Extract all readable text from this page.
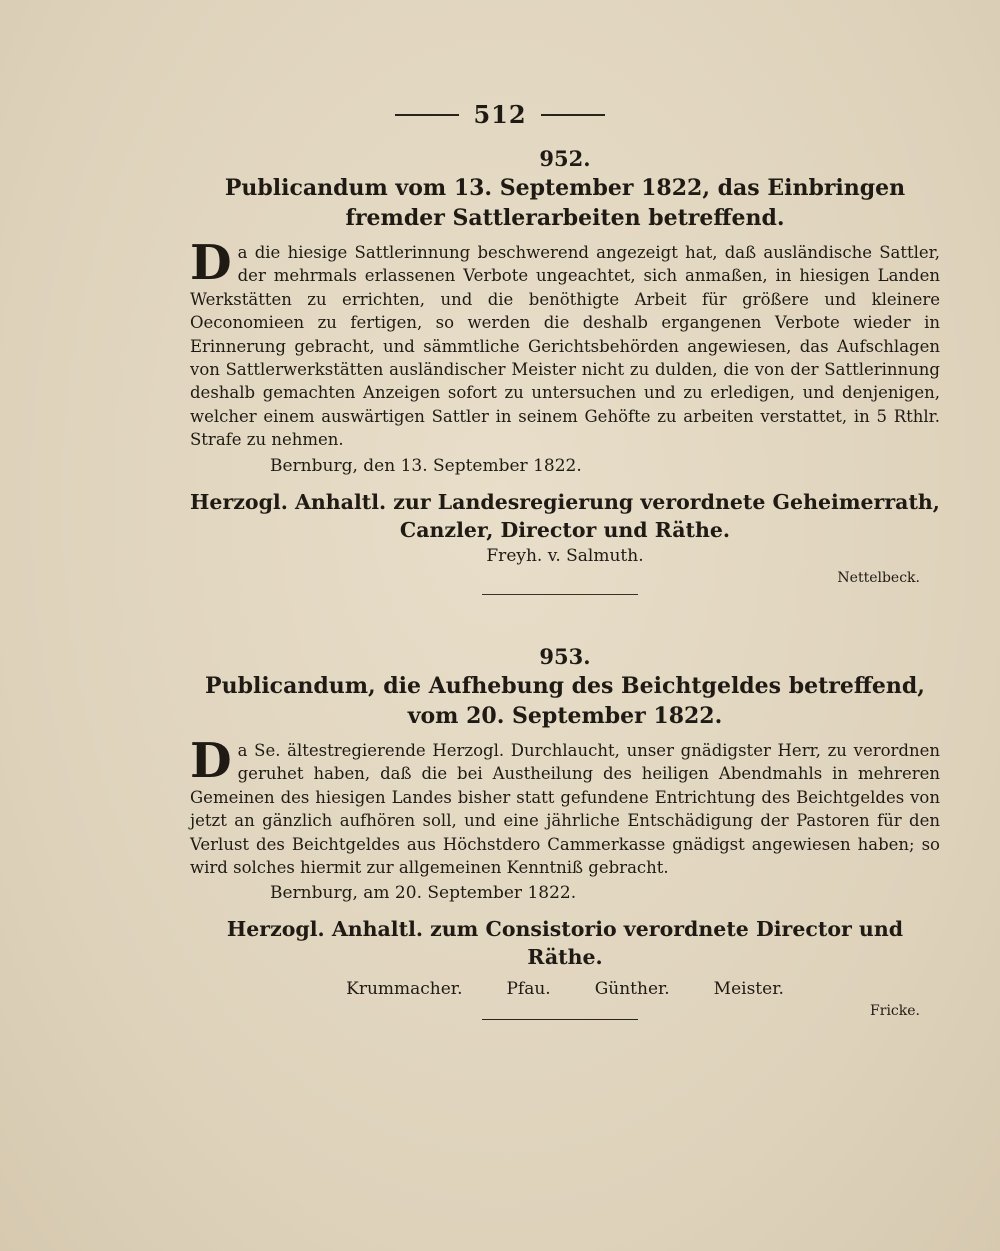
512
952.
Publicandum vom 13. September 1822, das Einbringen fremder Sattlerarbeiten betreffend.

Da die hiesige Sattlerinnung beschwerend angezeigt hat, daß ausländische Sattler, der mehrmals erlassenen Verbote ungeachtet, sich anmaßen, in hiesigen Landen Werkstätten zu errichten, und die benöthigte Arbeit für größere und kleinere Oeconomieen zu fertigen, so werden die deshalb ergangenen Verbote wieder in Erinnerung gebracht, und sämmtliche Gerichtsbehörden angewiesen, das Aufschlagen von Sattlerwerkstätten ausländischer Meister nicht zu dulden, die von der Sattlerinnung deshalb gemachten Anzeigen sofort zu untersuchen und zu erledigen, und denjenigen, welcher einem auswärtigen Sattler in seinem Gehöfte zu arbeiten verstattet, in 5 Rthlr. Strafe zu nehmen.

Bernburg, den 13. September 1822.
Herzogl. Anhaltl. zur Landesregierung verordnete Geheimerrath, Canzler, Director und Räthe.
Freyh. v. Salmuth.
Nettelbeck.
953.
Publicandum, die Aufhebung des Beichtgeldes betreffend, vom 20. September 1822.

Da Se. ältestregierende Herzogl. Durchlaucht, unser gnädigster Herr, zu verordnen geruhet haben, daß die bei Austheilung des heiligen Abendmahls in mehreren Gemeinen des hiesigen Landes bisher statt gefundene Entrichtung des Beichtgeldes von jetzt an gänzlich aufhören soll, und eine jährliche Entschädigung der Pastoren für den Verlust des Beichtgeldes aus Höchstdero Cammerkasse gnädigst angewiesen haben; so wird solches hiermit zur allgemeinen Kenntniß gebracht.

Bernburg, am 20. September 1822.
Herzogl. Anhaltl. zum Consistorio verordnete Director und Räthe.
Krummacher.	Pfau.	Günther.	Meister.
Fricke.
